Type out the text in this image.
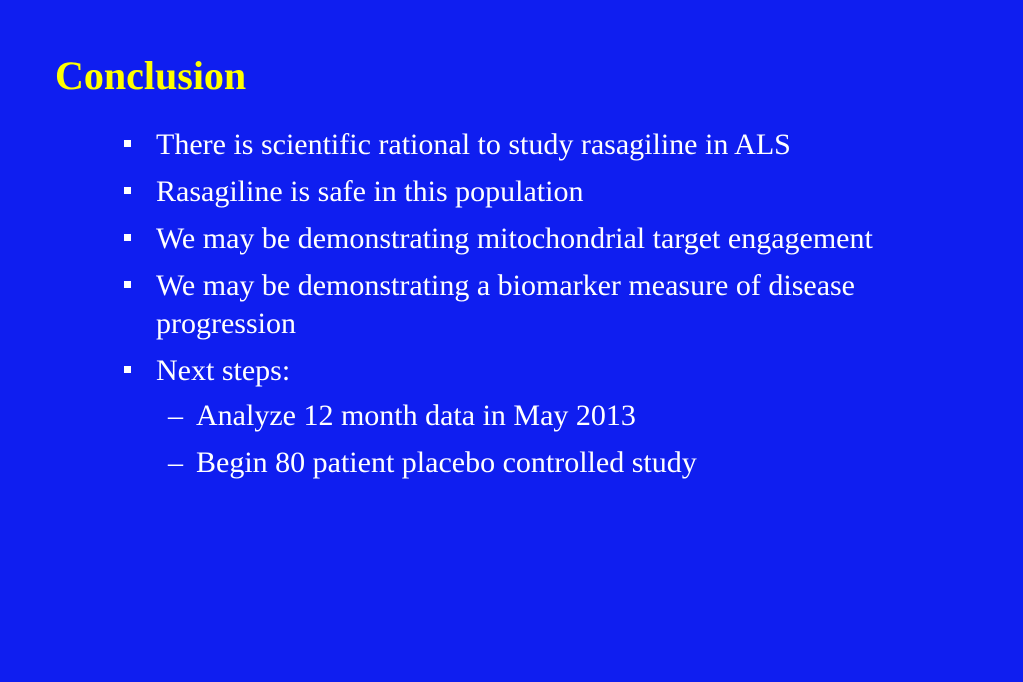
Conclusion
There is scientific rational to study rasagiline in ALS
Rasagiline is safe in this population
We may be demonstrating mitochondrial target engagement
We may be demonstrating a biomarker measure of disease progression
Next steps:
– Analyze 12 month data in May 2013
– Begin 80 patient placebo controlled study
